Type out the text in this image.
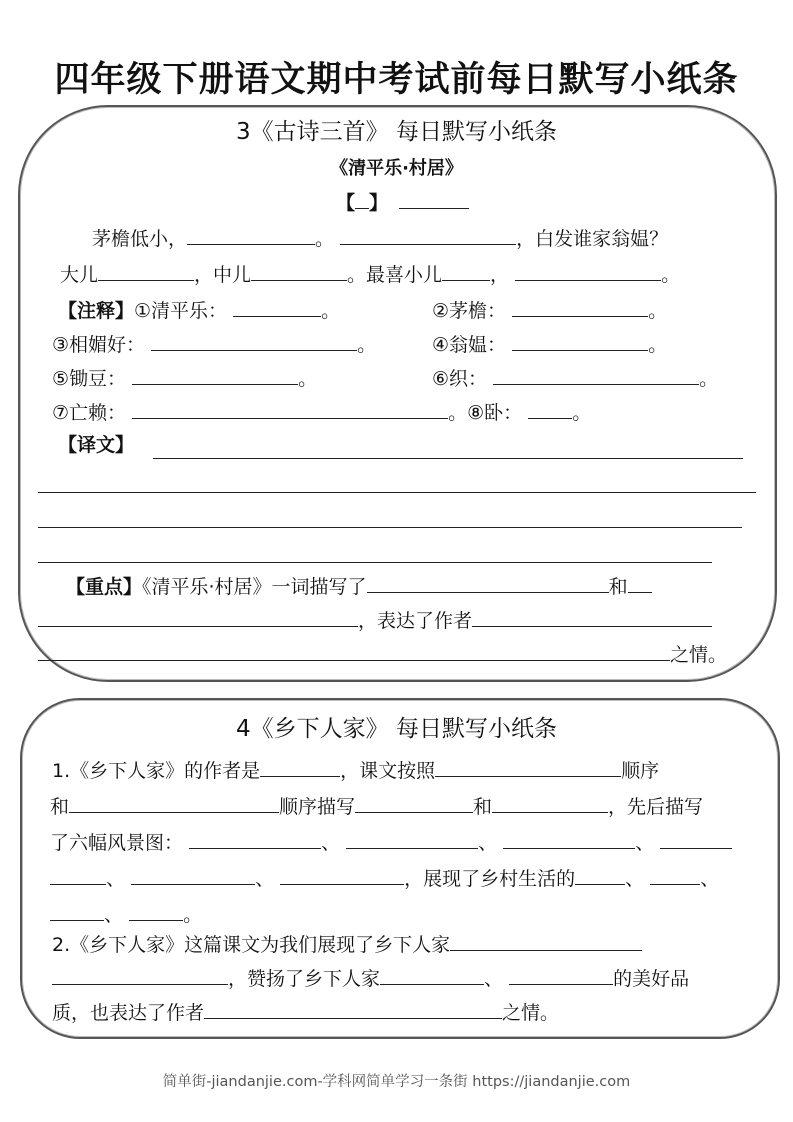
四年级下册语文期中考试前每日默写小纸条
3《古诗三首》 每日默写小纸条
《清平乐·村居》
【 】
茅檐低小，	。	，白发谁家翁媪？
大儿	，中儿	。最喜小儿	，	。
【注释】①清平乐：	。	②茅檐：	。
③相媚好：	。	④翁媪：	。
⑤锄豆：	。	⑥织：	。
⑦亡赖：	。⑧卧：	。
【译文】
【重点】《清平乐·村居》一词描写了	和
，表达了作者
之情。
4《乡下人家》 每日默写小纸条
1.《乡下人家》的作者是	，课文按照	顺序
和	顺序描写	和	，先后描写
了六幅风景图：	、	、	、
、	、	，展现了乡村生活的	、	、
、	。
2.《乡下人家》这篇课文为我们展现了乡下人家
，赞扬了乡下人家	、	的美好品
质，也表达了作者	之情。
简单街-jiandanjie.com-学科网简单学习一条街 https://jiandanjie.com
